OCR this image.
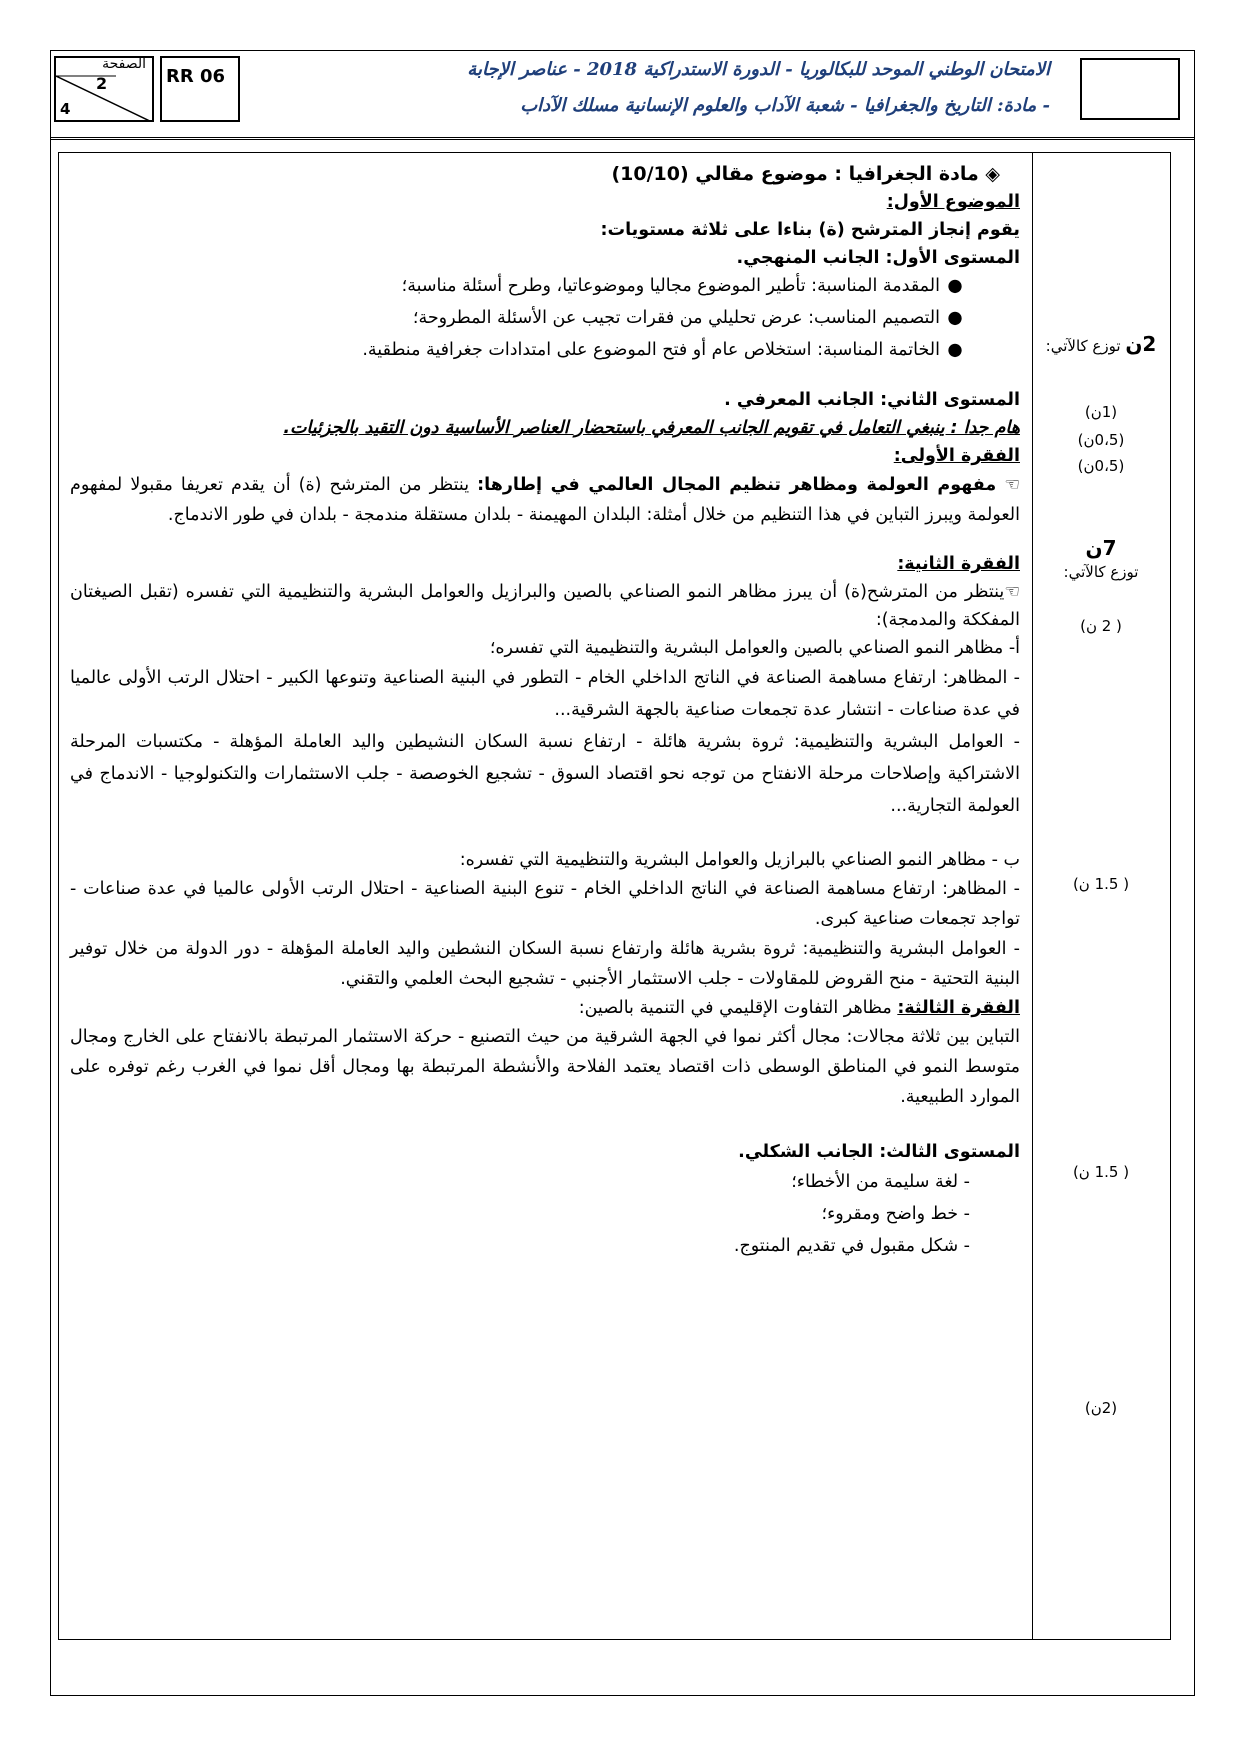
الصفحة
2
4
RR 06	الامتحان الوطني الموحد للبكالوريا - الدورة الاستدراكية 2018 - عناصر الإجابة
- مادة: التاريخ والجغرافيا - شعبة الآداب والعلوم الإنسانية مسلك الآداب

◈ مادة الجغرافيا : موضوع مقالي (10/10)

الموضوع الأول:

يقوم إنجاز المترشح (ة) بناءا على ثلاثة مستويات:

المستوى الأول: الجانب المنهجي.

●المقدمة المناسبة: تأطير الموضوع مجاليا وموضوعاتيا، وطرح أسئلة مناسبة؛

●التصميم المناسب: عرض تحليلي من فقرات تجيب عن الأسئلة المطروحة؛

●الخاتمة المناسبة: استخلاص عام أو فتح الموضوع على امتدادات جغرافية منطقية.

المستوى الثاني: الجانب المعرفي .

هام جدا : ينبغي التعامل في تقويم الجانب المعرفي باستحضار العناصر الأساسية دون التقيد بالجزئيات.

الفقرة الأولى:

☜ مفهوم العولمة ومظاهر تنظيم المجال العالمي في إطارها: ينتظر من المترشح (ة) أن يقدم تعريفا مقبولا لمفهوم العولمة ويبرز التباين في هذا التنظيم من خلال أمثلة: البلدان المهيمنة - بلدان مستقلة مندمجة - بلدان في طور الاندماج.

الفقرة الثانية:

☜ينتظر من المترشح(ة) أن يبرز مظاهر النمو الصناعي بالصين والبرازيل والعوامل البشرية والتنظيمية التي تفسره (تقبل الصيغتان المفككة والمدمجة):

أ- مظاهر النمو الصناعي بالصين والعوامل البشرية والتنظيمية التي تفسره؛

- المظاهر: ارتفاع مساهمة الصناعة في الناتج الداخلي الخام - التطور في البنية الصناعية وتنوعها الكبير - احتلال الرتب الأولى عالميا في عدة صناعات - انتشار عدة تجمعات صناعية بالجهة الشرقية...

- العوامل البشرية والتنظيمية: ثروة بشرية هائلة - ارتفاع نسبة السكان النشيطين واليد العاملة المؤهلة - مكتسبات المرحلة الاشتراكية وإصلاحات مرحلة الانفتاح من توجه نحو اقتصاد السوق - تشجيع الخوصصة - جلب الاستثمارات والتكنولوجيا - الاندماج في العولمة التجارية...

ب - مظاهر النمو الصناعي بالبرازيل والعوامل البشرية والتنظيمية التي تفسره:

- المظاهر: ارتفاع مساهمة الصناعة في الناتج الداخلي الخام - تنوع البنية الصناعية - احتلال الرتب الأولى عالميا في عدة صناعات - تواجد تجمعات صناعية كبرى.

- العوامل البشرية والتنظيمية: ثروة بشرية هائلة وارتفاع نسبة السكان النشطين واليد العاملة المؤهلة - دور الدولة من خلال توفير البنية التحتية - منح القروض للمقاولات - جلب الاستثمار الأجنبي - تشجيع البحث العلمي والتقني.

الفقرة الثالثة: مظاهر التفاوت الإقليمي في التنمية بالصين:

التباين بين ثلاثة مجالات: مجال أكثر نموا في الجهة الشرقية من حيث التصنيع - حركة الاستثمار المرتبطة بالانفتاح على الخارج ومجال متوسط النمو في المناطق الوسطى ذات اقتصاد يعتمد الفلاحة والأنشطة المرتبطة بها ومجال أقل نموا في الغرب رغم توفره على الموارد الطبيعية.

المستوى الثالث: الجانب الشكلي.

- لغة سليمة من الأخطاء؛

- خط واضح ومقروء؛

- شكل مقبول في تقديم المنتوج.

2ن توزع كالآتي:
(1ن)
(0،5ن)
(0،5ن)
7ن
توزع كالآتي:
( 2 ن)
( 1.5 ن)
( 1.5 ن)
(2ن)
